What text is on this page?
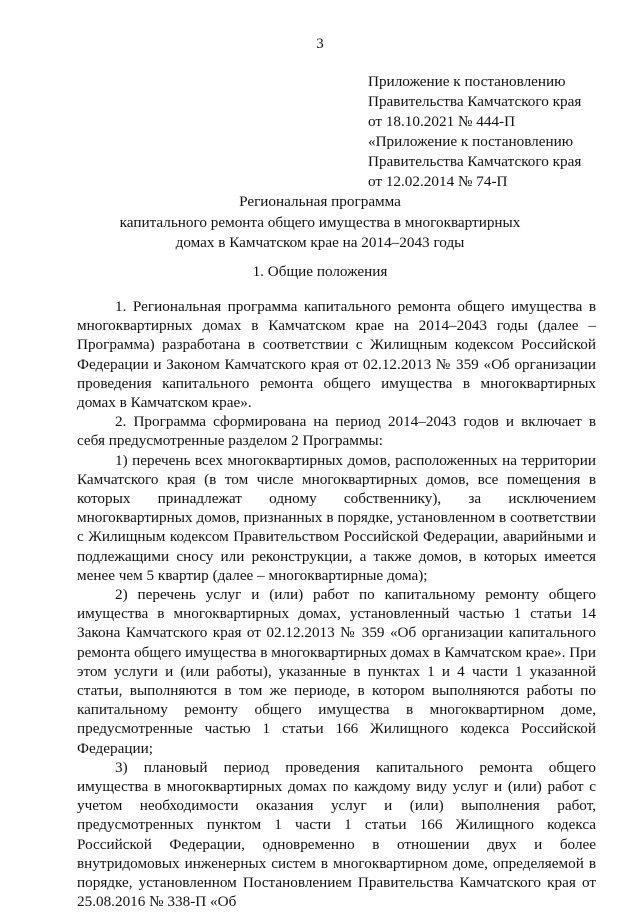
3
Приложение к постановлению
Правительства Камчатского края
от 18.10.2021 № 444-П
«Приложение к постановлению
Правительства Камчатского края
от 12.02.2014 № 74-П
Региональная программа
капитального ремонта общего имущества в многоквартирных
домах в Камчатском крае на 2014–2043 годы
1. Общие положения

1. Региональная программа капитального ремонта общего имущества в многоквартирных домах в Камчатском крае на 2014–2043 годы (далее – Программа) разработана в соответствии с Жилищным кодексом Российской Федерации и Законом Камчатского края от 02.12.2013 № 359 «Об организации проведения капитального ремонта общего имущества в многоквартирных домах в Камчатском крае».

2. Программа сформирована на период 2014–2043 годов и включает в себя предусмотренные разделом 2 Программы:

1) перечень всех многоквартирных домов, расположенных на территории Камчатского края (в том числе многоквартирных домов, все помещения в которых принадлежат одному собственнику), за исключением многоквартирных домов, признанных в порядке, установленном в соответствии с Жилищным кодексом Правительством Российской Федерации, аварийными и подлежащими сносу или реконструкции, а также домов, в которых имеется менее чем 5 квартир (далее – многоквартирные дома);

2) перечень услуг и (или) работ по капитальному ремонту общего имущества в многоквартирных домах, установленный частью 1 статьи 14 Закона Камчатского края от 02.12.2013 № 359 «Об организации капитального ремонта общего имущества в многоквартирных домах в Камчатском крае». При этом услуги и (или работы), указанные в пунктах 1 и 4 части 1 указанной статьи, выполняются в том же периоде, в котором выполняются работы по капитальному ремонту общего имущества в многоквартирном доме, предусмотренные частью 1 статьи 166 Жилищного кодекса Российской Федерации;

3) плановый период проведения капитального ремонта общего имущества в многоквартирных домах по каждому виду услуг и (или) работ с учетом необходимости оказания услуг и (или) выполнения работ, предусмотренных пунктом 1 части 1 статьи 166 Жилищного кодекса Российской Федерации, одновременно в отношении двух и более внутридомовых инженерных систем в многоквартирном доме, определяемой в порядке, установленном Постановлением Правительства Камчатского края от 25.08.2016 № 338-П «Об
